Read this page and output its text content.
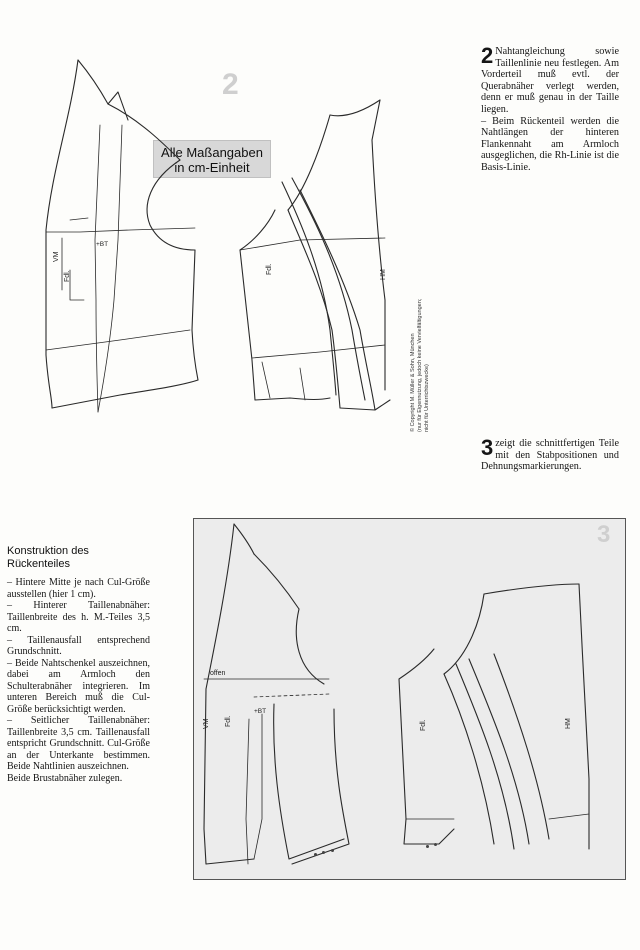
2
Alle Maßangaben
in cm-Einheit
VM
Fdl.
+BT
Fdl.	HM
© Copyright M. Müller & Sohn, München (nur für Eigennutzung, jedoch keine Vervielfältigungen; nicht für Unterrichtszwecke)
2 Nahtangleichung sowie Taillenlinie neu festlegen. Am Vorderteil muß evtl. der Querabnäher verlegt werden, denn er muß genau in der Taille liegen.
– Beim Rückenteil werden die Nahtlängen der hinteren Flankennaht am Armloch ausgeglichen, die Rh-Linie ist die Basis-Linie.
3 zeigt die schnittfertigen Teile mit den Stabpositionen und Dehnungsmarkierungen.
Konstruktion des
Rückenteiles
– Hintere Mitte je nach Cul-Größe ausstellen (hier 1 cm).
– Hinterer Taillenabnäher: Taillenbreite des h. M.-Teiles 3,5 cm.
– Taillenausfall entsprechend Grundschnitt.
– Beide Nahtschenkel auszeichnen, dabei am Armloch den Schulterabnäher integrieren. Im unteren Bereich muß die Cul-Größe berücksichtigt werden.
– Seitlicher Taillenabnäher: Taillenbreite 3,5 cm. Taillenausfall entspricht Grundschnitt. Cul-Größe an der Unterkante bestimmen. Beide Nahtlinien auszeichnen.
Beide Brustabnäher zulegen.
3
offen
VM Fdl.
+BT
Fdl.	HM
